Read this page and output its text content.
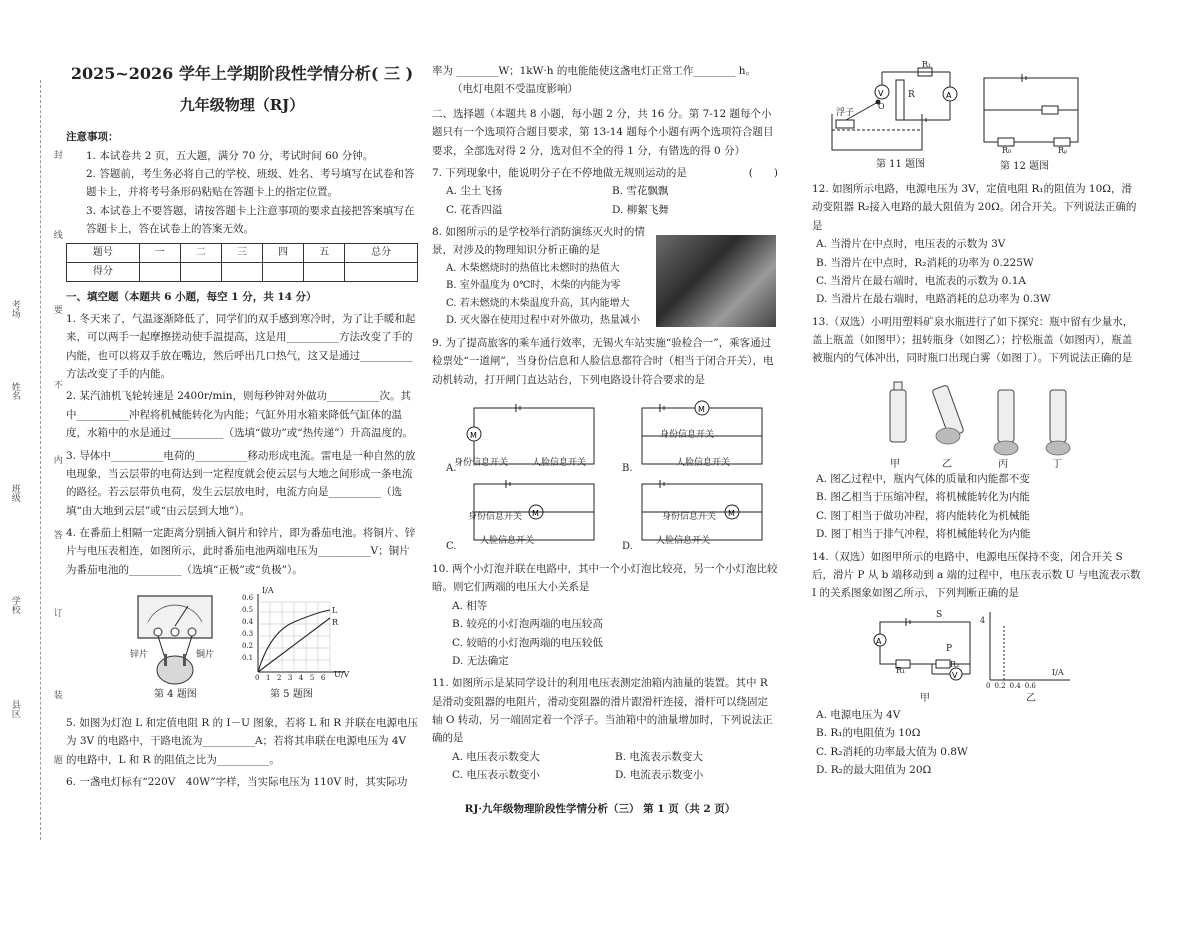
考场
线
姓名
班级
学校	订
装
县区
封
内
不
要
答
题
2025~2026 学年上学期阶段性学情分析( 三 )
九年级物理（RJ）
注意事项：

1. 本试卷共 2 页，五大题，满分 70 分，考试时间 60 分钟。

2. 答题前，考生务必将自己的学校、班级、姓名、考号填写在试卷和答题卡上，并将考号条形码粘贴在答题卡上的指定位置。

3. 本试卷上不要答题，请按答题卡上注意事项的要求直接把答案填写在答题卡上，答在试卷上的答案无效。

题号	一	二	三	四	五	总分
得分						
一、填空题（本题共 6 小题，每空 1 分，共 14 分）
1. 冬天来了，气温逐渐降低了，同学们的双手感到寒冷时，为了让手暖和起来，可以两手一起摩擦搓动使手温提高，这是用__________方法改变了手的内能，也可以将双手放在嘴边，然后呼出几口热气，这又是通过__________方法改变了手的内能。
2. 某汽油机飞轮转速是 2400r/min，则每秒钟对外做功__________次。其中__________冲程将机械能转化为内能；气缸外用水箱来降低气缸体的温度，水箱中的水是通过__________（选填“做功”或“热传递”）升高温度的。
3. 导体中__________电荷的__________移动形成电流。雷电是一种自然的放电现象，当云层带的电荷达到一定程度就会使云层与大地之间形成一条电流的路径。若云层带负电荷，发生云层放电时，电流方向是__________（选填“由大地到云层”或“由云层到大地”）。
4. 在番茄上相隔一定距离分别插入铜片和锌片，即为番茄电池。将铜片、锌片与电压表相连，如图所示，此时番茄电池两端电压为__________V；铜片为番茄电池的__________（选填“正极”或“负极”）。
锌片	铜片
第 4 题图
I/A
U/V
L
R
0.6
0.5
0.4
0.3
0.2
0.1
0 1 2 3 4 5 6
第 5 题图
5. 如图为灯泡 L 和定值电阻 R 的 I－U 图象，若将 L 和 R 并联在电源电压为 3V 的电路中，干路电流为__________A；若将其串联在电源电压为 4V 的电路中，L 和 R 的阻值之比为__________。
6. 一盏电灯标有“220V　40W”字样，当实际电压为 110V 时，其实际功
率为 ________W；1kW·h 的电能能使这盏电灯正常工作________ h。
（电灯电阻不受温度影响）
二、选择题（本题共 8 小题，每小题 2 分，共 16 分。第 7-12 题每个小题只有一个选项符合题目要求，第 13-14 题每个小题有两个选项符合题目要求，全部选对得 2 分，选对但不全的得 1 分，有错选的得 0 分）
7. 下列现象中，能说明分子在不停地做无规则运动的是	(　　)
A. 尘土飞扬	B. 雪花飘飘
C. 花香四溢	D. 柳絮飞舞
8. 如图所示的是学校举行消防演练灭火时的情景，对涉及的物理知识分析正确的是
A. 木柴燃烧时的热值比未燃时的热值大
B. 室外温度为 0℃时，木柴的内能为零
C. 若未燃烧的木柴温度升高，其内能增大
D. 灭火器在使用过程中对外做功，热量减小
9. 为了提高旅客的乘车通行效率，无锡火车站实施“验检合一”，乘客通过检票处“一道闸”，当身份信息和人脸信息都符合时（相当于闭合开关），电动机转动，打开闸门直达站台，下列电路设计符合要求的是
M
M
M	M
A.
身份信息开关	人脸信息开关	B.
身份信息开关
人脸信息开关
C.
身份信息开关
人脸信息开关	D.
身份信息开关
人脸信息开关
10. 两个小灯泡并联在电路中，其中一个小灯泡比较亮，另一个小灯泡比较暗。则它们两端的电压大小关系是
A. 相等
B. 较亮的小灯泡两端的电压较高
C. 较暗的小灯泡两端的电压较低
D. 无法确定
11. 如图所示是某同学设计的利用电压表测定油箱内油量的装置。其中 R 是滑动变阻器的电阻片，滑动变阻器的滑片跟滑杆连接，滑杆可以绕固定轴 O 转动，另一端固定着一个浮子。当油箱中的油量增加时，下列说法正确的是
A. 电压表示数变大	B. 电流表示数变大
C. 电压表示数变小	D. 电流表示数变小
V	A
浮子
R
R₁
O
第 11 题图
R₀	Rₚ
第 12 题图
12. 如图所示电路，电源电压为 3V，定值电阻 R₁的阻值为 10Ω，滑动变阻器 R₂接入电路的最大阻值为 20Ω。闭合开关。下列说法正确的是
A. 当滑片在中点时，电压表的示数为 3V
B. 当滑片在中点时，R₂消耗的功率为 0.225W
C. 当滑片在最右端时，电流表的示数为 0.1A
D. 当滑片在最右端时，电路消耗的总功率为 0.3W
13.（双选）小明用塑料矿泉水瓶进行了如下探究：瓶中留有少量水，盖上瓶盖（如图甲）；扭转瓶身（如图乙）；拧松瓶盖（如图丙），瓶盖被瓶内的气体冲出，同时瓶口出现白雾（如图丁）。下列说法正确的是
甲	乙	丙	丁
A. 图乙过程中，瓶内气体的质量和内能都不变
B. 图乙相当于压缩冲程，将机械能转化为内能
C. 图丁相当于做功冲程，将内能转化为机械能
D. 图丁相当于排气冲程，将机械能转化为内能
14.（双选）如图甲所示的电路中，电源电压保持不变，闭合开关 S 后，滑片 P 从 b 端移动到 a 端的过程中，电压表示数 U 与电流表示数 I 的关系图象如图乙所示，下列判断正确的是
A
V
S
P
R₁
R₂
4
I/A
0 0.2 0.4 0.6
甲	乙
A. 电源电压为 4V
B. R₁的电阻值为 10Ω
C. R₂消耗的功率最大值为 0.8W
D. R₂的最大阻值为 20Ω
RJ·九年级物理阶段性学情分析（三） 第 1 页（共 2 页）
